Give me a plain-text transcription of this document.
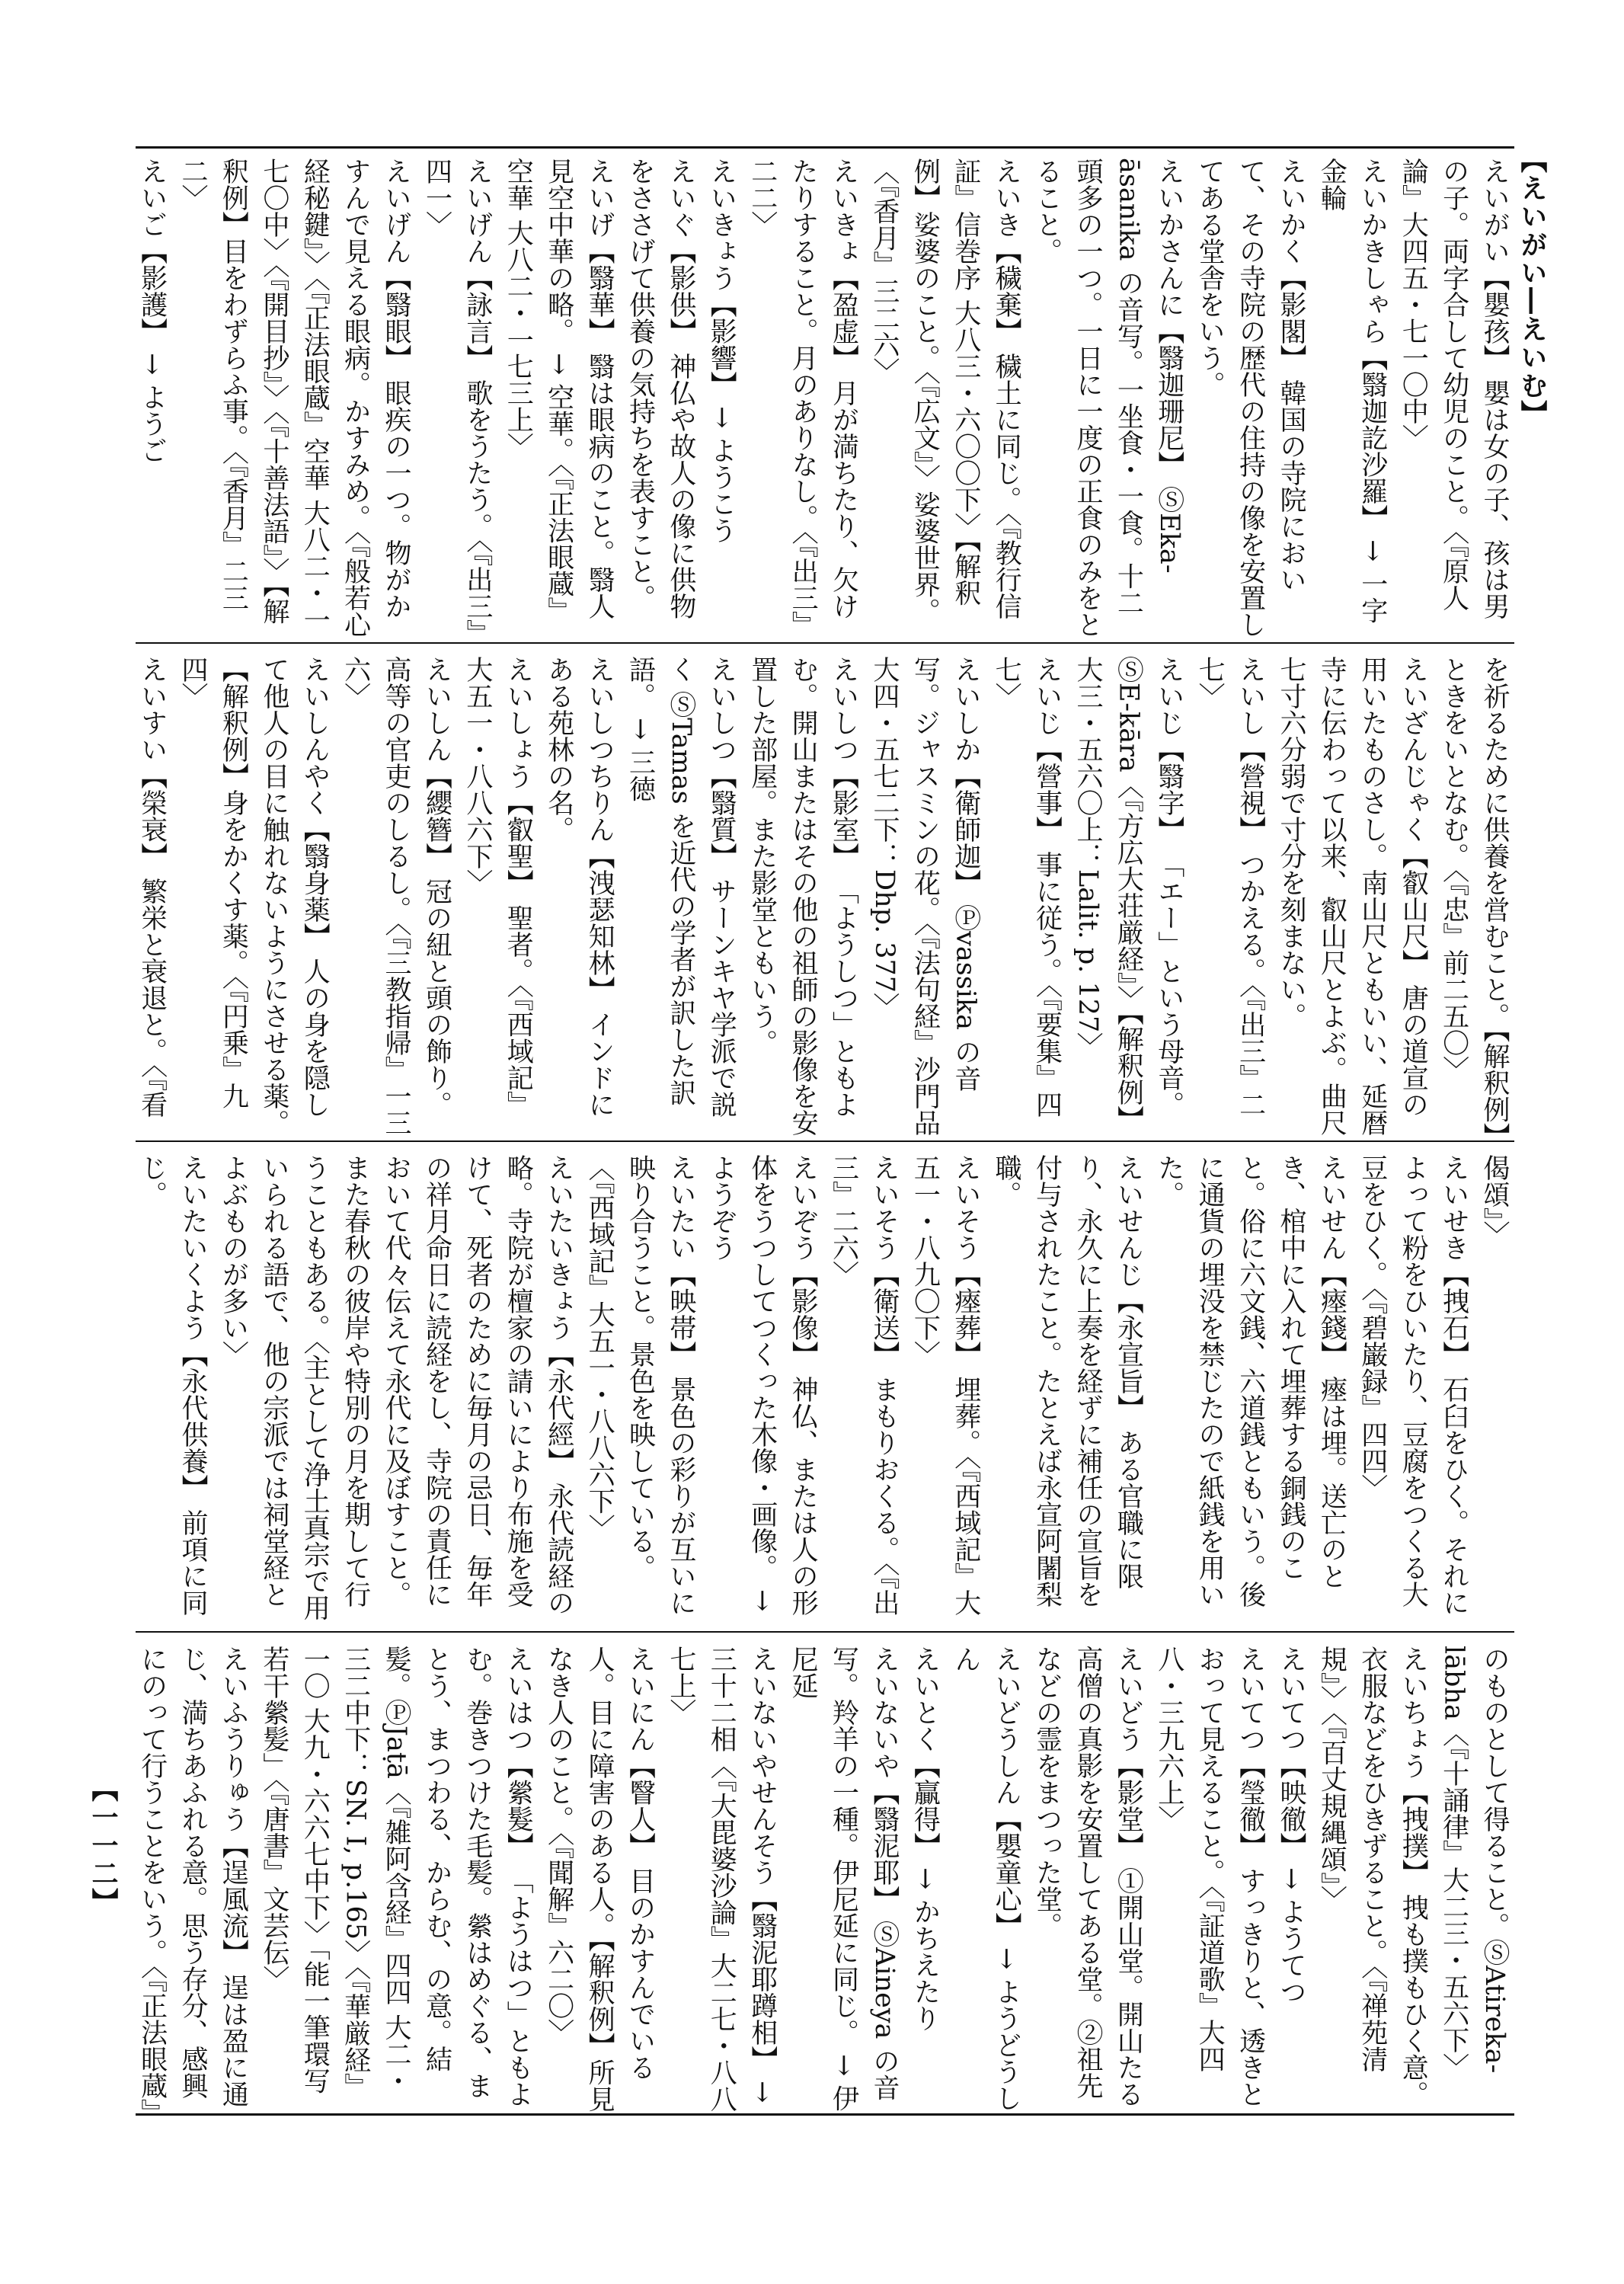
【えいがい―えいむ】
【一一二】

えいがい【嬰孩】 嬰は女の子、孩は男の子。両字合して幼児のこと。〈『原人論』大四五・七一〇中〉

えいかきしゃら【翳迦訖沙羅】 → 一字金輪

えいかく【影閣】 韓国の寺院において、その寺院の歴代の住持の像を安置してある堂舎をいう。

えいかさんに【翳迦珊尼】 ⓈEka-āsanika の音写。一坐食・一食。十二頭多の一つ。一日に一度の正食のみをとること。

えいき【穢棄】 穢土に同じ。〈『教行信証』信巻序 大八三・六〇〇下〉【解釈例】娑婆のこと。〈『広文』〉娑婆世界。〈『香月』三二六〉

えいきょ【盈虚】 月が満ちたり、欠けたりすること。月のありなし。〈『出三』二二〉

えいきょう【影響】 → ようこう

えいぐ【影供】 神仏や故人の像に供物をささげて供養の気持ちを表すこと。

えいげ【翳華】 翳は眼病のこと。翳人見空中華の略。 → 空華。〈『正法眼蔵』空華 大八二・一七三上〉

えいげん【詠言】 歌をうたう。〈『出三』四一〉

えいげん【翳眼】 眼疾の一つ。物がかすんで見える眼病。かすみめ。〈『般若心経秘鍵』〉〈『正法眼蔵』空華 大八二・一七〇中〉〈『開目抄』〉〈『十善法語』〉【解釈例】目をわずらふ事。〈『香月』二三二〉

えいご【影護】 → ようご

を祈るために供養を営むこと。【解釈例】ときをいとなむ。〈『忠』前二五〇〉

えいざんじゃく【叡山尺】 唐の道宣の用いたものさし。南山尺ともいい、延暦寺に伝わって以来、叡山尺とよぶ。曲尺七寸六分弱で寸分を刻まない。

えいし【營視】 つかえる。〈『出三』二七〉

えいじ【翳字】 「エー」という母音。ⓈE-kāra〈『方広大荘厳経』〉【解釈例】大三・五六〇上：Lalit. p. 127〉

えいじ【營事】 事に従う。〈『要集』四七〉

えいしか【衛師迦】 Ⓟvassika の音写。ジャスミンの花。〈『法句経』沙門品 大四・五七二下：Dhp. 377〉

えいしつ【影室】 「ようしつ」ともよむ。開山またはその他の祖師の影像を安置した部屋。また影堂ともいう。

えいしつ【翳質】 サーンキヤ学派で説く ⓈTamas を近代の学者が訳した訳語。 → 三徳

えいしつちりん【洩瑟知林】 インドにある苑林の名。

えいしょう【叡聖】 聖者。〈『西域記』大五一・八八六下〉

えいしん【纓簪】 冠の紐と頭の飾り。高等の官吏のしるし。〈『三教指帰』一三六〉

えいしんやく【翳身薬】 人の身を隠して他人の目に触れないようにさせる薬。【解釈例】身をかくす薬。〈『円乗』九四〉

えいすい【榮衰】 繁栄と衰退と。〈『看

偈頌』〉

えいせき【拽石】 石臼をひく。それによって粉をひいたり、豆腐をつくる大豆をひく。〈『碧巌録』四四〉

えいせん【瘞錢】 瘞は埋。送亡のとき、棺中に入れて埋葬する銅銭のこと。俗に六文銭、六道銭ともいう。後に通貨の埋没を禁じたので紙銭を用いた。

えいせんじ【永宣旨】 ある官職に限り、永久に上奏を経ずに補任の宣旨を付与されたこと。たとえば永宣阿闍梨職。

えいそう【瘞葬】 埋葬。〈『西域記』大五一・八九〇下〉

えいそう【衛送】 まもりおくる。〈『出三』二六〉

えいぞう【影像】 神仏、または人の形体をうつしてつくった木像・画像。 → ようぞう

えいたい【映帯】 景色の彩りが互いに映り合うこと。景色を映している。〈『西域記』大五一・八八六下〉

えいたいきょう【永代經】 永代読経の略。寺院が檀家の請いにより布施を受けて、死者のために毎月の忌日、毎年の祥月命日に読経をし、寺院の責任において代々伝えて永代に及ぼすこと。また春秋の彼岸や特別の月を期して行うこともある。〈主として浄土真宗で用いられる語で、他の宗派では祠堂経とよぶものが多い〉

えいたいくよう【永代供養】 前項に同じ。

のものとして得ること。ⓈAtireka-lābha〈『十誦律』大二三・五六下〉

えいちょう【拽撲】 拽も撲もひく意。衣服などをひきずること。〈『禅苑清規』〉〈『百丈規縄頌』〉

えいてつ【映徹】 → ようてつ

えいてつ【瑩徹】 すっきりと、透きとおって見えること。〈『証道歌』大四八・三九六上〉

えいどう【影堂】 ①開山堂。開山たる高僧の真影を安置してある堂。②祖先などの霊をまつった堂。

えいどうしん【嬰童心】 → ようどうしん

えいとく【贏得】 → かちえたり

えいないや【翳泥耶】 ⓈAineya の音写。羚羊の一種。伊尼延に同じ。 → 伊尼延

えいないやせんそう【翳泥耶蹲相】 → 三十二相〈『大毘婆沙論』大二七・八八七上〉

えいにん【瞖人】 目のかすんでいる人。目に障害のある人。【解釈例】所見なき人のこと。〈『聞解』六二〇〉

えいはつ【縈髮】 「ようはつ」ともよむ。巻きつけた毛髪。縈はめぐる、まとう、まつわる、からむ、の意。結髪。ⓅJaṭā〈『雑阿含経』四四 大二・三二中下：SN. I, p.165〉〈『華厳経』一〇 大九・六六七中下〉「能一筆環写若干縈髪」〈『唐書』文芸伝〉

えいふうりゅう【逞風流】 逞は盈に通じ、満ちあふれる意。思う存分、感興にのって行うことをいう。〈『正法眼蔵』
